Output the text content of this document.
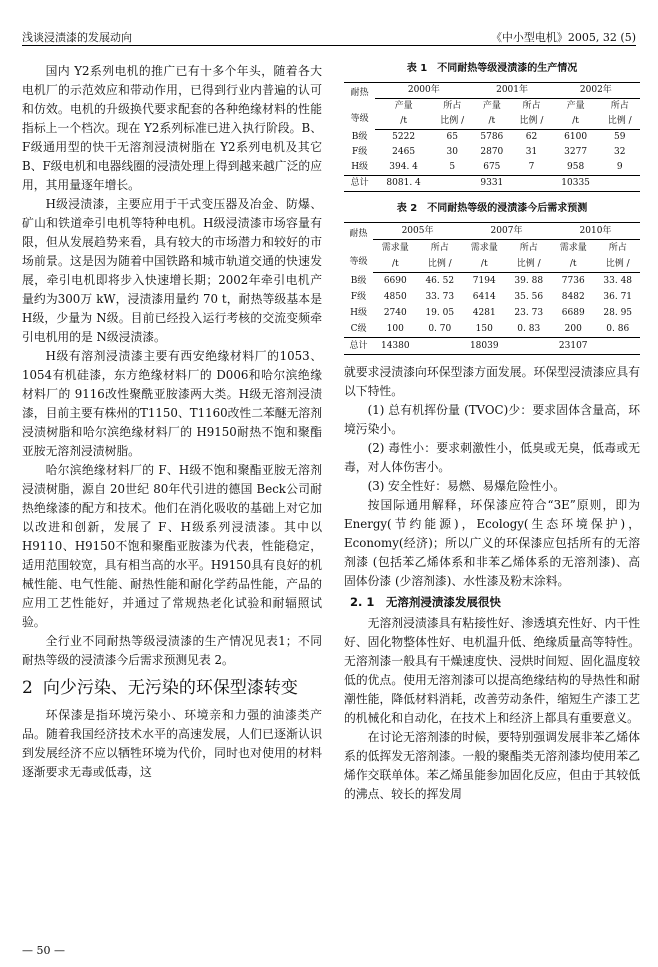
浅谈浸渍漆的发展动向	《中小型电机》2005, 32 (5)

国内 Y2系列电机的推广已有十多个年头，随着各大电机厂的示范效应和带动作用，已得到行业内普遍的认可和仿效。电机的升级换代要求配套的各种绝缘材料的性能指标上一个档次。现在 Y2系列标准已进入执行阶段。B、F级通用型的快干无溶剂浸渍树脂在 Y2系列电机及其它 B、F级电机和电器线圈的浸渍处理上得到越来越广泛的应用，其用量逐年增长。

H级浸渍漆，主要应用于干式变压器及冶金、防爆、矿山和铁道牵引电机等特种电机。H级浸渍漆市场容量有限，但从发展趋势来看，具有较大的市场潜力和较好的市场前景。这是因为随着中国铁路和城市轨道交通的快速发展，牵引电机即将步入快速增长期；2002年牵引电机产量约为300万 kW，浸渍漆用量约 70 t，耐热等级基本是 H级，少量为 N级。目前已经投入运行考核的交流变频牵引电机用的是 N级浸渍漆。

H级有溶剂浸渍漆主要有西安绝缘材料厂的1053、1054有机硅漆，东方绝缘材料厂的 D006和哈尔滨绝缘材料厂的 9116改性聚酰亚胺漆两大类。H级无溶剂浸渍漆，目前主要有株州的T1150、T1160改性二苯醚无溶剂浸渍树脂和哈尔滨绝缘材料厂的 H9150耐热不饱和聚酯亚胺无溶剂浸渍树脂。

哈尔滨绝缘材料厂的 F、H级不饱和聚酯亚胺无溶剂浸渍树脂，源自 20世纪 80年代引进的德国 Beck公司耐热绝缘漆的配方和技术。他们在消化吸收的基础上对它加以改进和创新，发展了 F、H级系列浸渍漆。其中以 H9110、H9150不饱和聚酯亚胺漆为代表，性能稳定，适用范围较宽，具有相当高的水平。H9150具有良好的机械性能、电气性能、耐热性能和耐化学药品性能，产品的应用工艺性能好，并通过了常规热老化试验和耐辐照试验。

全行业不同耐热等级浸渍漆的生产情况见表1；不同耐热等级的浸渍漆今后需求预测见表 2。

2 向少污染、无污染的环保型漆转变

环保漆是指环境污染小、环境亲和力强的油漆类产品。随着我国经济技术水平的高速发展，人们已逐渐认识到发展经济不应以牺牲环境为代价，同时也对使用的材料逐渐要求无毒或低毒，这

表 1　不同耐热等级浸渍漆的生产情况
耐热

等级	2000年		2001年		2002年	
	产量	所占	产量	所占	产量	所占
	/t	比例 /	/t	比例 /	/t	比例 /
B级	5222	65	5786	62	6100	59
F级	2465	30	2870	31	3277	32
H级	394. 4	5	675	7	958	9
总计	8081. 4		9331		10335	
表 2　不同耐热等级的浸渍漆今后需求预测
耐热

等级	2005年		2007年		2010年	
	需求量	所占	需求量	所占	需求量	所占
	/t	比例 /	/t	比例 /	/t	比例 /
B级	6690	46. 52	7194	39. 88	7736	33. 48
F级	4850	33. 73	6414	35. 56	8482	36. 71
H级	2740	19. 05	4281	23. 73	6689	28. 95
C级	100	0. 70	150	0. 83	200	0. 86
总计	14380		18039		23107	

就要求浸渍漆向环保型漆方面发展。环保型浸渍漆应具有以下特性。

(1) 总有机挥份量 (TVOC)少：要求固体含量高，环境污染小。

(2) 毒性小：要求刺激性小，低臭或无臭，低毒或无毒，对人体伤害小。

(3) 安全性好：易燃、易爆危险性小。

按国际通用解释，环保漆应符合“3E”原则，即为 Energy(节约能源)，Ecology(生态环境保护)，Economy(经济)；所以广义的环保漆应包括所有的无溶剂漆 (包括苯乙烯体系和非苯乙烯体系的无溶剂漆)、高固体份漆 (少溶剂漆)、水性漆及粉末涂料。

2. 1　无溶剂浸渍漆发展很快

无溶剂浸渍漆具有粘接性好、渗透填充性好、内干性好、固化物整体性好、电机温升低、绝缘质量高等特性。无溶剂漆一般具有干燥速度快、浸烘时间短、固化温度较低的优点。使用无溶剂漆可以提高绝缘结构的导热性和耐潮性能，降低材料消耗，改善劳动条件，缩短生产漆工艺的机械化和自动化，在技术上和经济上都具有重要意义。

在讨论无溶剂漆的时候，要特别强调发展非苯乙烯体系的低挥发无溶剂漆。一般的聚酯类无溶剂漆均使用苯乙烯作交联单体。苯乙烯虽能参加固化反应，但由于其较低的沸点、较长的挥发周

— 50 —
